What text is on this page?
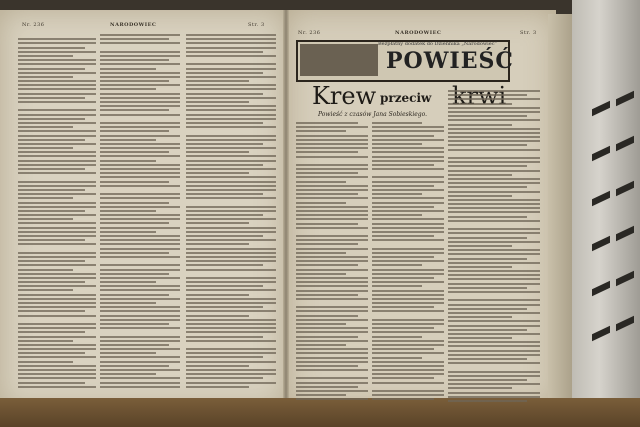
Nr. 236	NARODOWIEC	Str. 3
Nr. 236	NARODOWIEC	Str. 3
Bezpłatny dodatek do Dziennika „Narodowiec”
POWIEŚĆ
Krew przeciw
Powieść z czasów Jana Sobieskiego.
